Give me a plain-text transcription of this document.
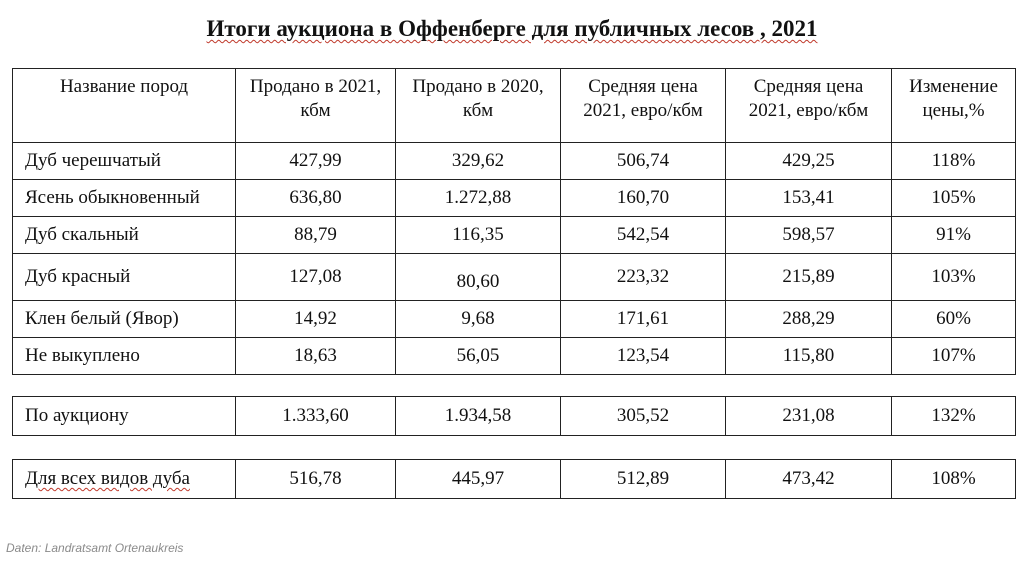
Итоги аукциона в Оффенберге для публичных лесов , 2021
Название пород	Продано в 2021, кбм	Продано в 2020, кбм	Средняя цена 2021, евро/кбм	Средняя цена 2021, евро/кбм	Изменение цены,%
Дуб черешчатый	427,99	329,62	506,74	429,25	118%
Ясень обыкновенный	636,80	1.272,88	160,70	153,41	105%
Дуб скальный	88,79	116,35	542,54	598,57	91%
Дуб красный	127,08	80,60	223,32	215,89	103%
Клен белый (Явор)	14,92	9,68	171,61	288,29	60%
Не выкуплено	18,63	56,05	123,54	115,80	107%
По аукциону	1.333,60	1.934,58	305,52	231,08	132%
Для всех видов дуба	516,78	445,97	512,89	473,42	108%
Daten: Landratsamt Ortenaukreis
